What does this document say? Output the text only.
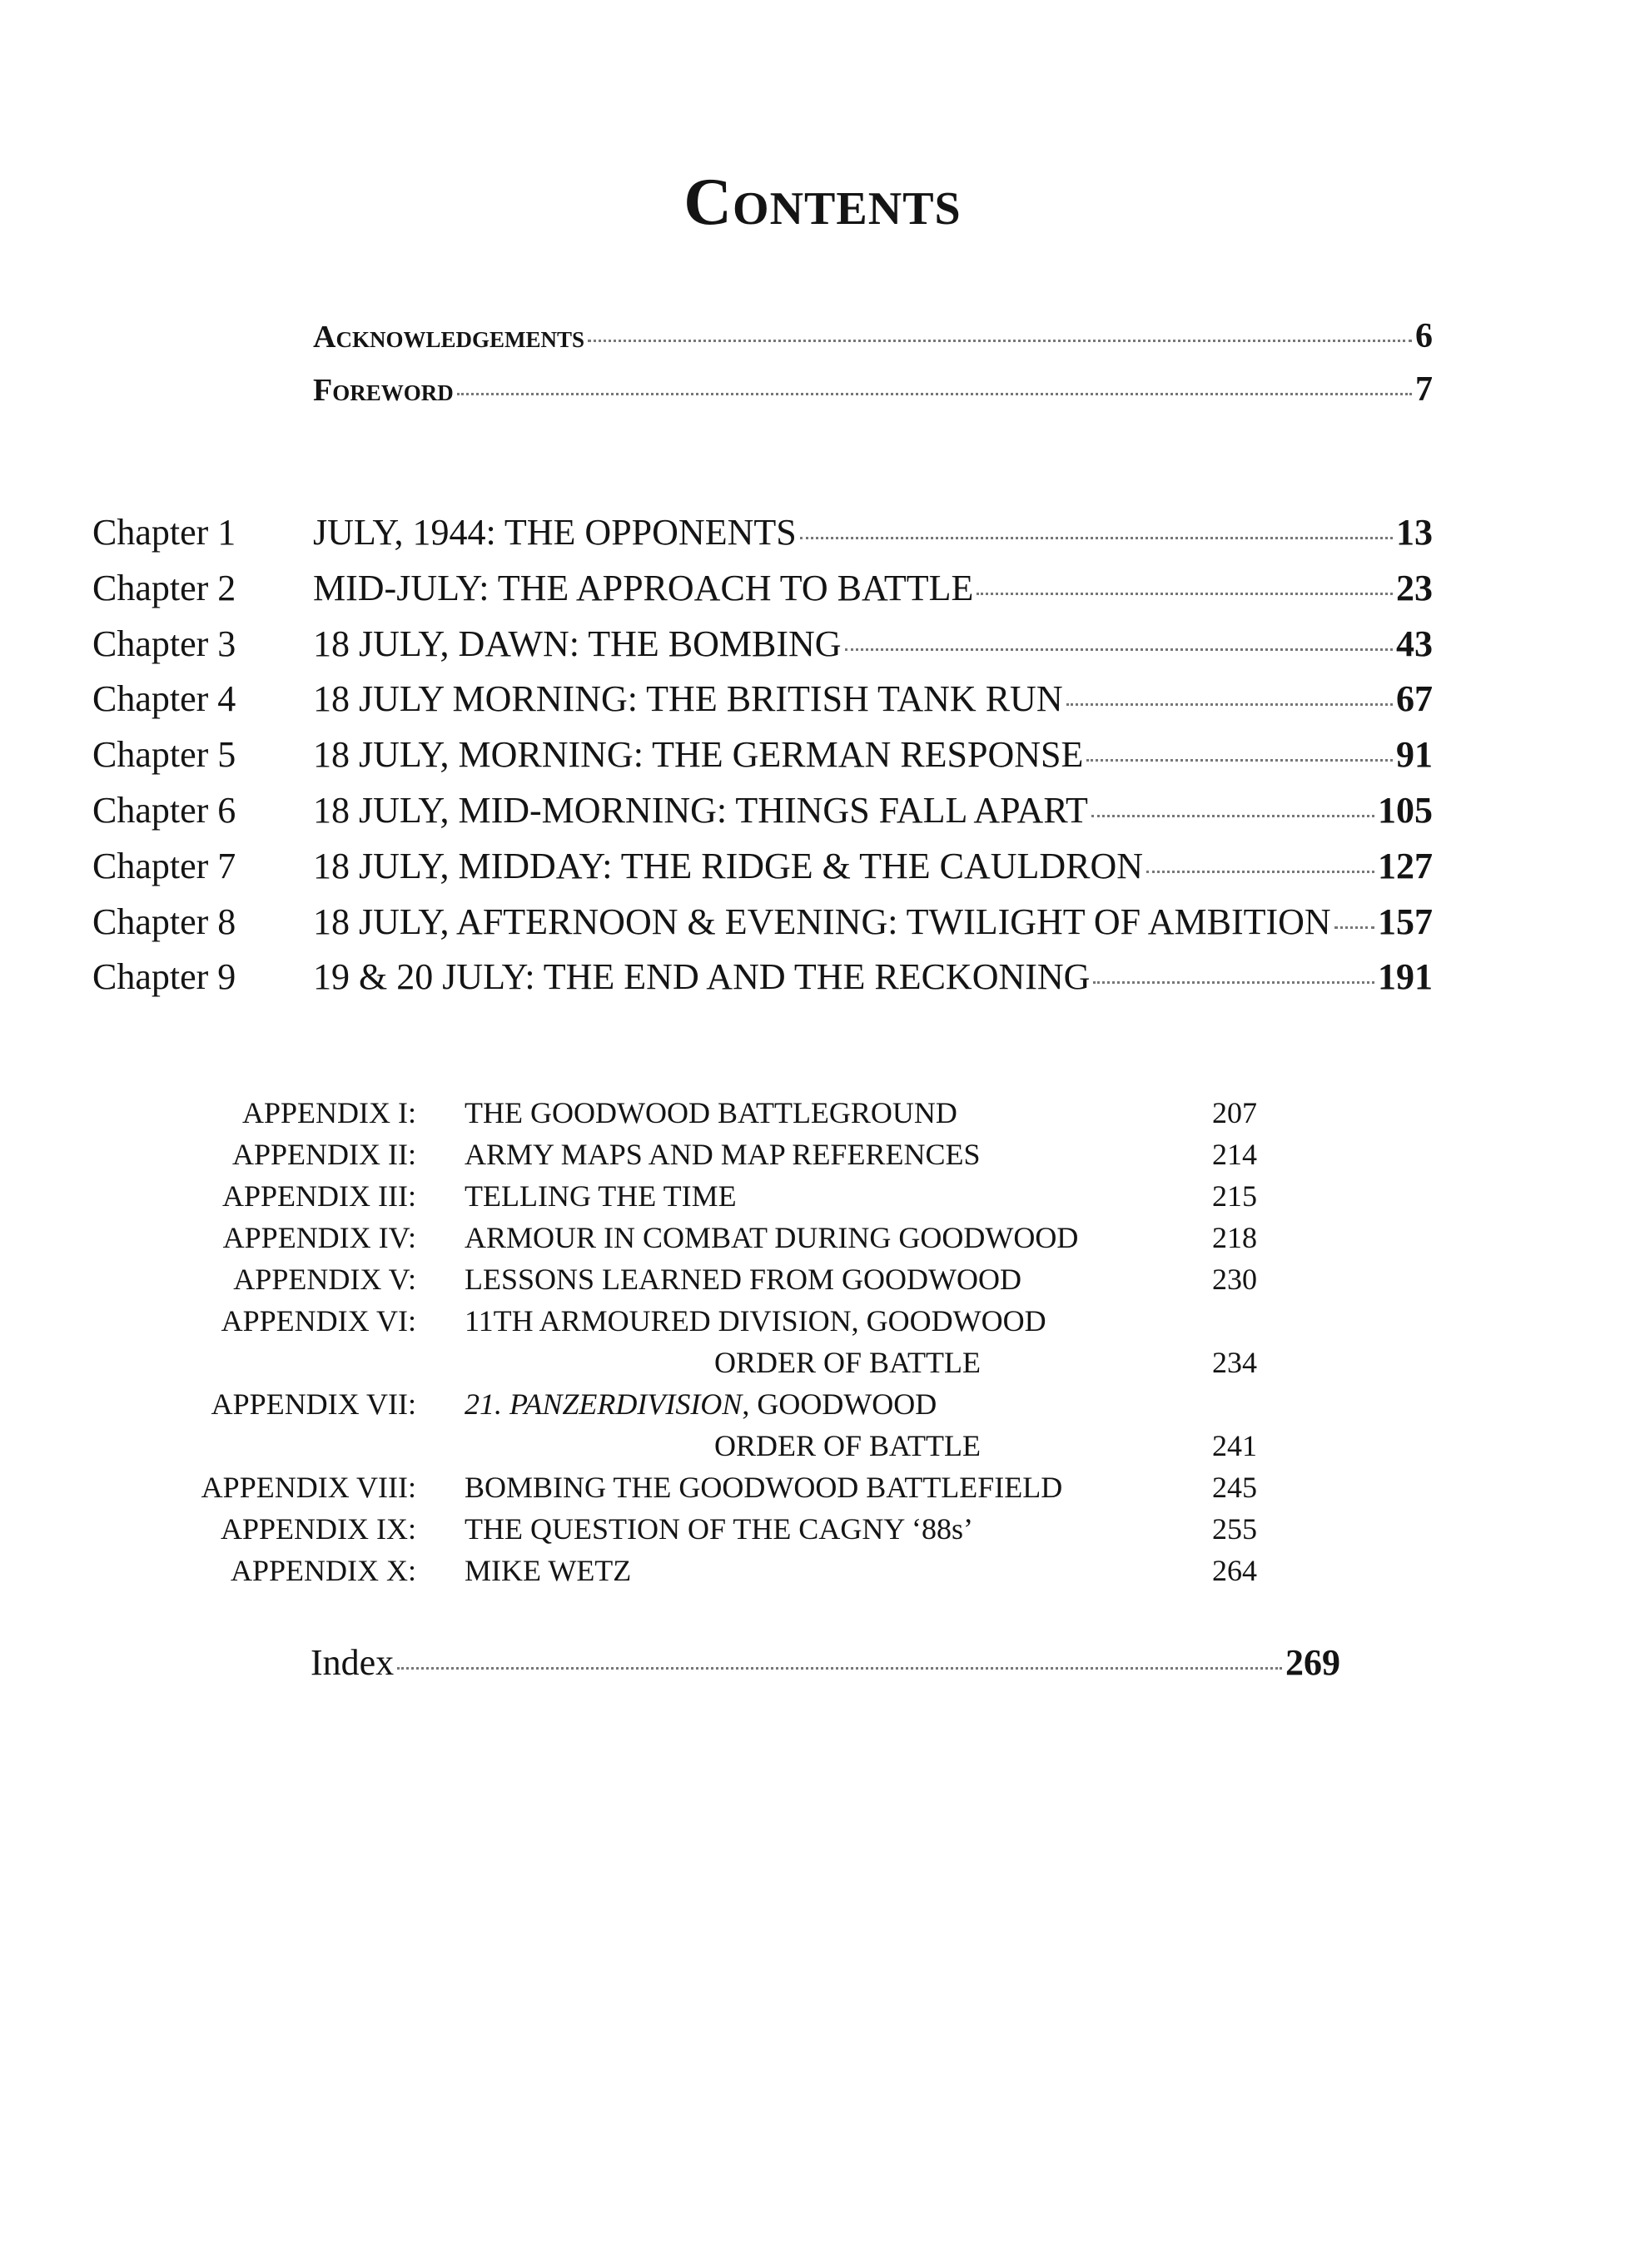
Contents
Acknowledgements	6
Foreword	7
Chapter 1	JULY, 1944: THE OPPONENTS	13
Chapter 2	MID-JULY: THE APPROACH TO BATTLE	23
Chapter 3	18 JULY, DAWN: THE BOMBING	43
Chapter 4	18 JULY MORNING: THE BRITISH TANK RUN	67
Chapter 5	18 JULY, MORNING: THE GERMAN RESPONSE	91
Chapter 6	18 JULY, MID-MORNING: THINGS FALL APART	105
Chapter 7	18 JULY, MIDDAY: THE RIDGE & THE CAULDRON	127
Chapter 8	18 JULY, AFTERNOON & EVENING: TWILIGHT OF AMBITION 157
Chapter 9	19 & 20 JULY: THE END AND THE RECKONING	191
APPENDIX I: THE GOODWOOD BATTLEGROUND	207
APPENDIX II: ARMY MAPS AND MAP REFERENCES	214
APPENDIX III: TELLING THE TIME	215
APPENDIX IV: ARMOUR IN COMBAT DURING GOODWOOD	218
APPENDIX V: LESSONS LEARNED FROM GOODWOOD	230
APPENDIX VI: 11TH ARMOURED DIVISION, GOODWOOD
ORDER OF BATTLE	234
APPENDIX VII: 21. PANZERDIVISION, GOODWOOD
ORDER OF BATTLE	241
APPENDIX VIII: BOMBING THE GOODWOOD BATTLEFIELD	245
APPENDIX IX: THE QUESTION OF THE CAGNY ‘88s’	255
APPENDIX X: MIKE WETZ	264
Index	269
